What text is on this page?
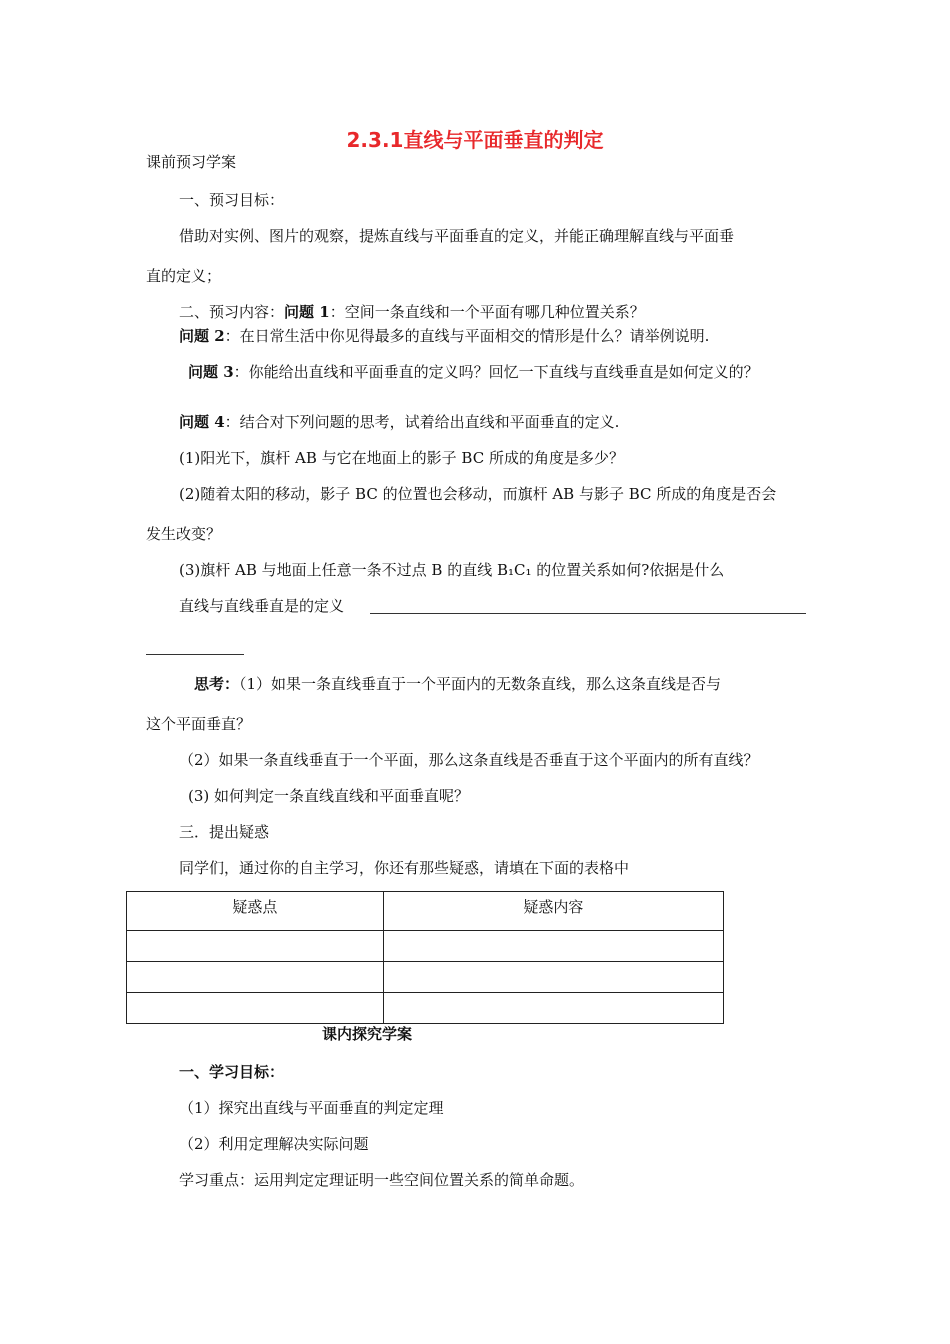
2.3.1直线与平面垂直的判定
课前预习学案
一、预习目标：
借助对实例、图片的观察，提炼直线与平面垂直的定义，并能正确理解直线与平面垂
直的定义；
二、预习内容：问题 1：空间一条直线和一个平面有哪几种位置关系？
问题 2：在日常生活中你见得最多的直线与平面相交的情形是什么？请举例说明.
问题 3：你能给出直线和平面垂直的定义吗？回忆一下直线与直线垂直是如何定义的？
问题 4：结合对下列问题的思考，试着给出直线和平面垂直的定义.
(1)阳光下，旗杆 AB 与它在地面上的影子 BC 所成的角度是多少？
(2)随着太阳的移动，影子 BC 的位置也会移动，而旗杆 AB 与影子 BC 所成的角度是否会
发生改变？
(3)旗杆 AB 与地面上任意一条不过点 B 的直线 B₁C₁ 的位置关系如何?依据是什么
直线与直线垂直是的定义
思考：（1）如果一条直线垂直于一个平面内的无数条直线，那么这条直线是否与
这个平面垂直？
（2）如果一条直线垂直于一个平面，那么这条直线是否垂直于这个平面内的所有直线？
(3) 如何判定一条直线直线和平面垂直呢？
三．提出疑惑
同学们，通过你的自主学习，你还有那些疑惑，请填在下面的表格中
疑惑点	疑惑内容

课内探究学案
一、学习目标：
（1）探究出直线与平面垂直的判定定理
（2）利用定理解决实际问题
学习重点：运用判定定理证明一些空间位置关系的简单命题。
